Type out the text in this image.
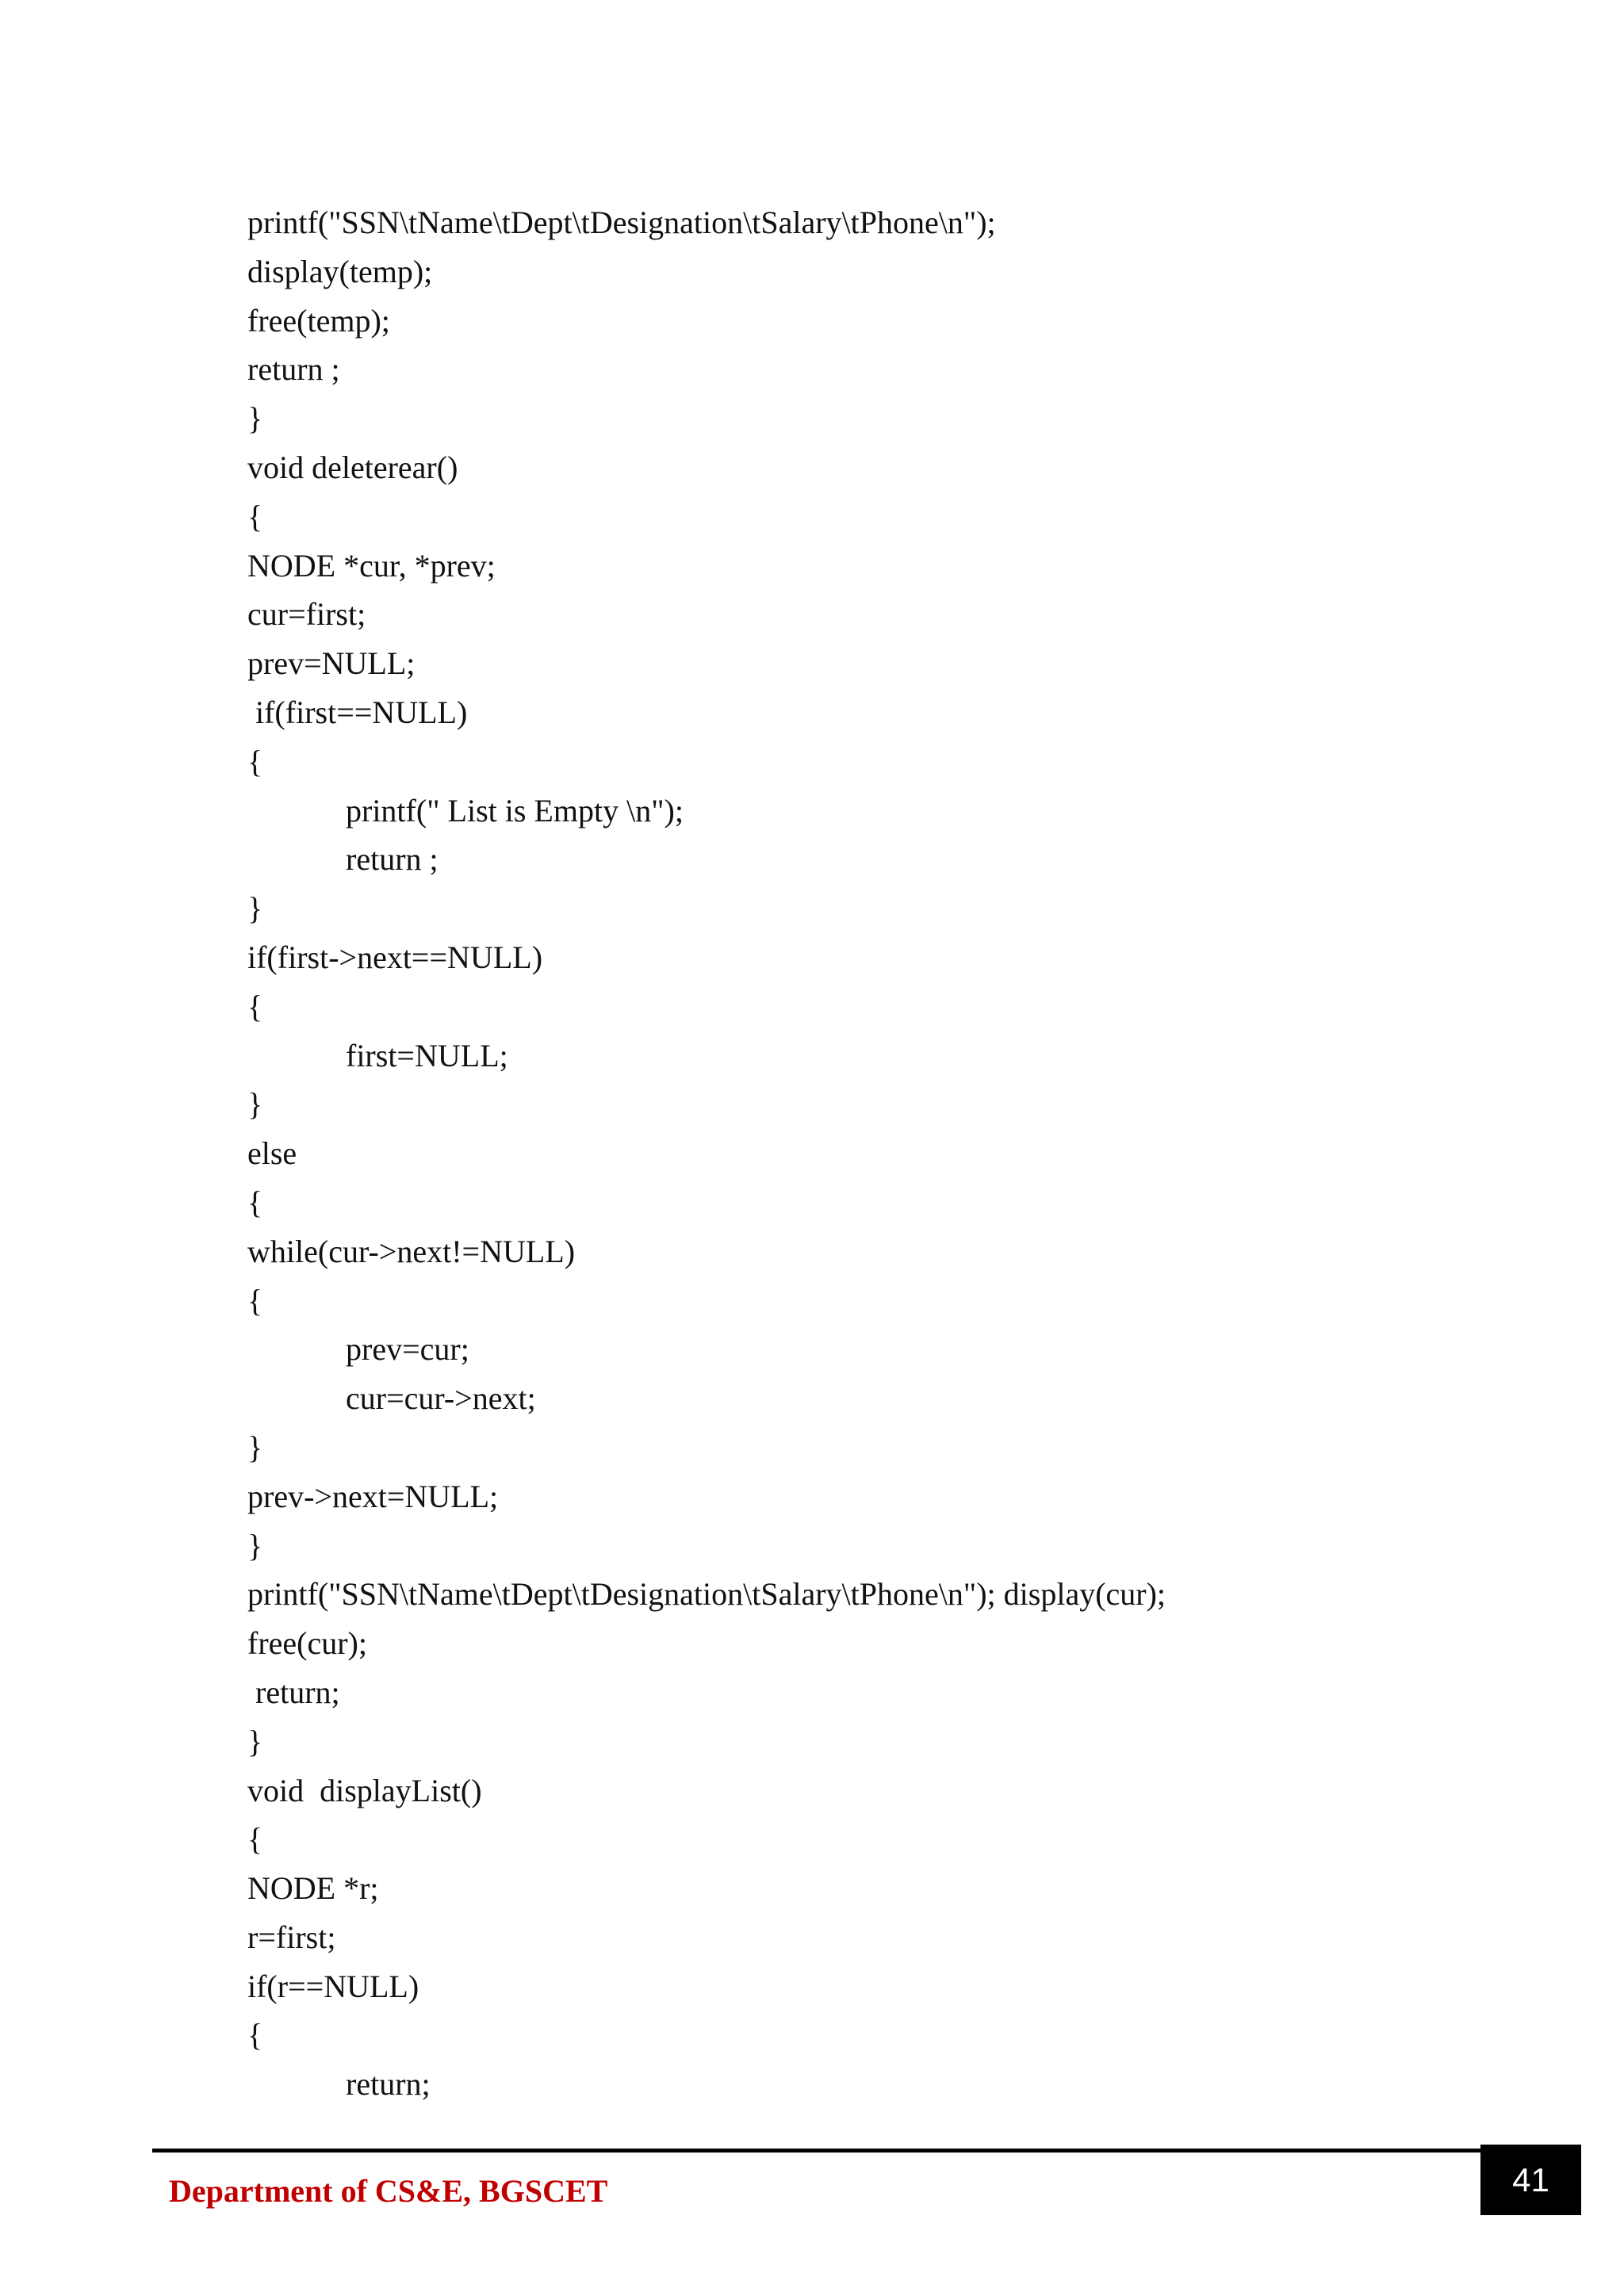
printf("SSN\tName\tDept\tDesignation\tSalary\tPhone\n");
display(temp);
free(temp);
return ;
}
void deleterear()
{
NODE *cur, *prev;
cur=first;
prev=NULL;
if(first==NULL)
{
printf(" List is Empty \n");
return ;
}
if(first->next==NULL)
{
first=NULL;
}
else
{
while(cur->next!=NULL)
{
prev=cur;
cur=cur->next;
}
prev->next=NULL;
}
printf("SSN\tName\tDept\tDesignation\tSalary\tPhone\n"); display(cur);
free(cur);
return;
}
void  displayList()
{
NODE *r;
r=first;
if(r==NULL)
{
return;
Department of CS&E, BGSCET	41
